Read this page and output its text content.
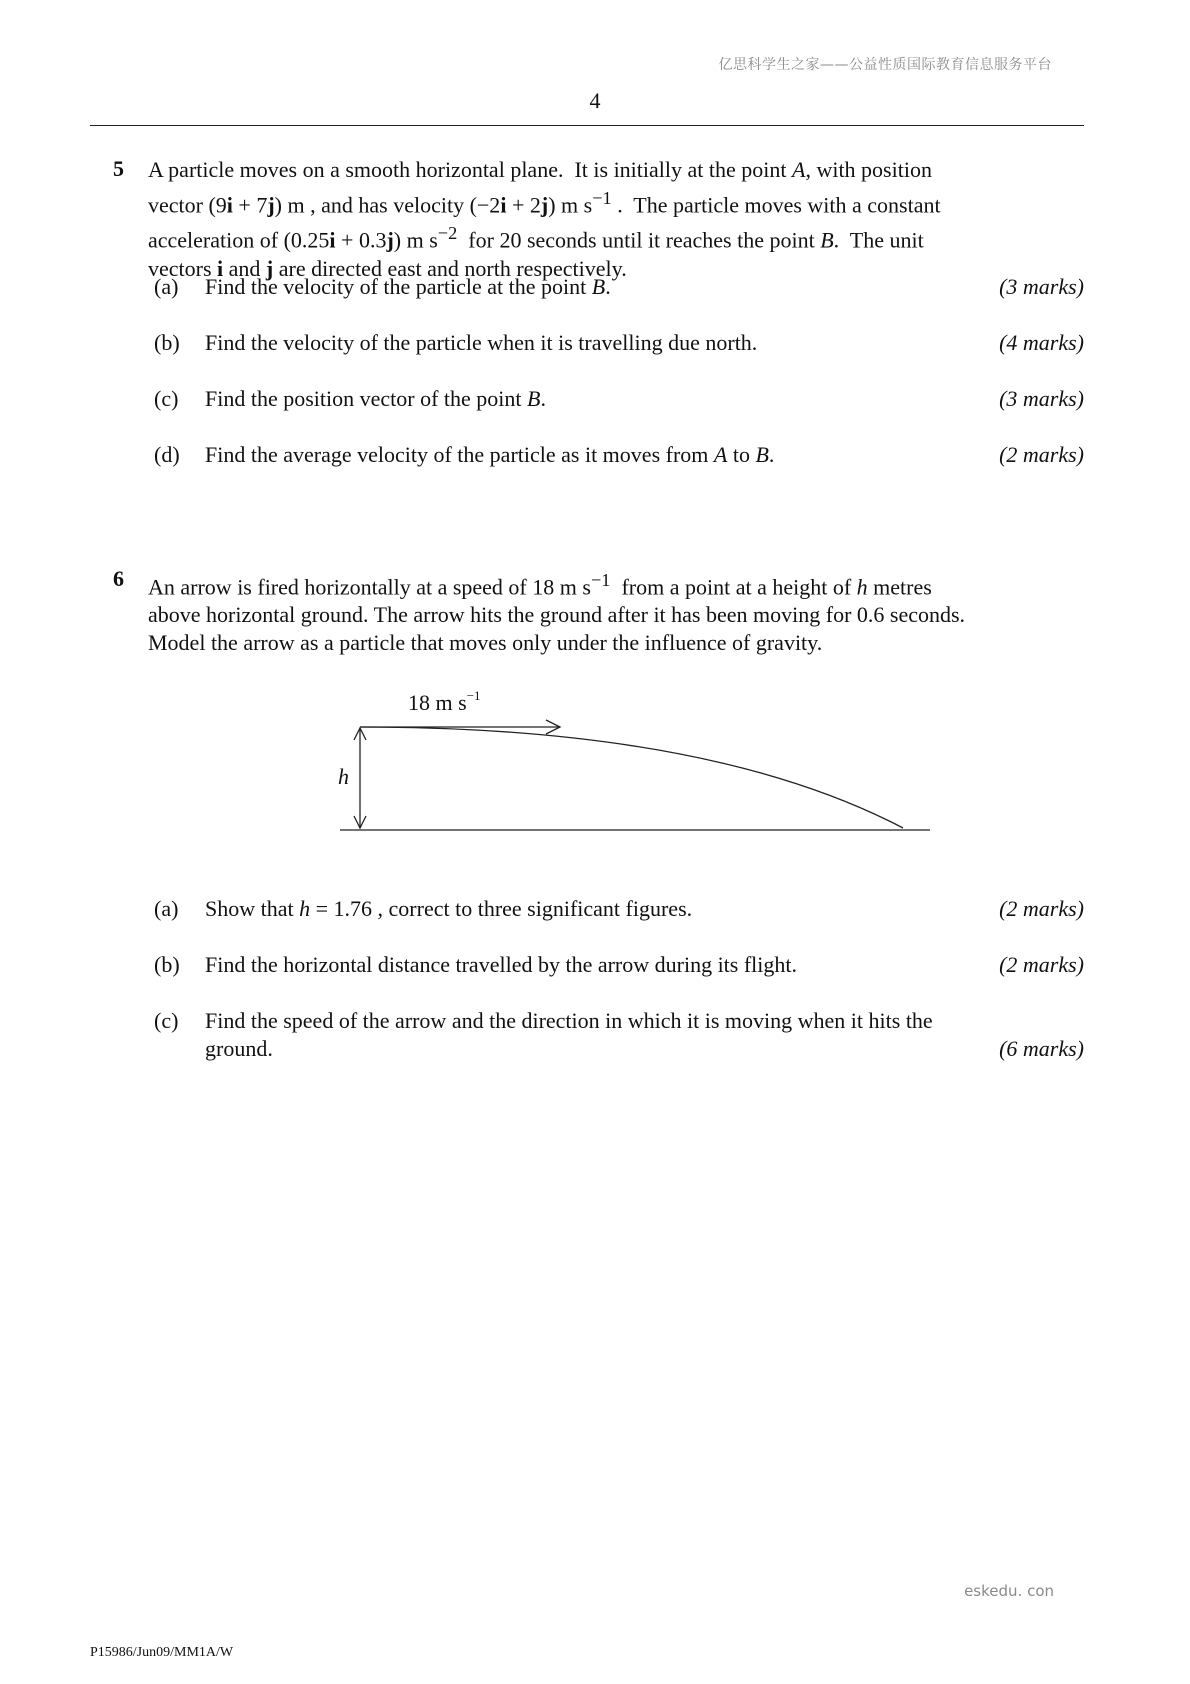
亿思科学生之家——公益性质国际教育信息服务平台
4
5 A particle moves on a smooth horizontal plane.  It is initially at the point A, with position
vector (9i + 7j) m , and has velocity (−2i + 2j) m $s^{-1}$ .  The particle moves with a constant
acceleration of (0.25i + 0.3j) m $s^{-2}$  for 20 seconds until it reaches the point B.  The unit
vectors i and j are directed east and north respectively.
(a) Find the velocity of the particle at the point B.	(3 marks)
(b) Find the velocity of the particle when it is travelling due north.	(4 marks)
(c) Find the position vector of the point B.	(3 marks)
(d) Find the average velocity of the particle as it moves from A to B.	(2 marks)
6 An arrow is fired horizontally at a speed of 18 m $s^{-1}$  from a point at a height of h metres
above horizontal ground. The arrow hits the ground after it has been moving for 0.6 seconds.
Model the arrow as a particle that moves only under the influence of gravity.
18 m $s^{-1}$
h
(a) Show that h = 1.76 , correct to three significant figures.	(2 marks)
(b) Find the horizontal distance travelled by the arrow during its flight.	(2 marks)
(c) Find the speed of the arrow and the direction in which it is moving when it hits the ground.	(6 marks)
eskedu. con
P15986/Jun09/MM1A/W
